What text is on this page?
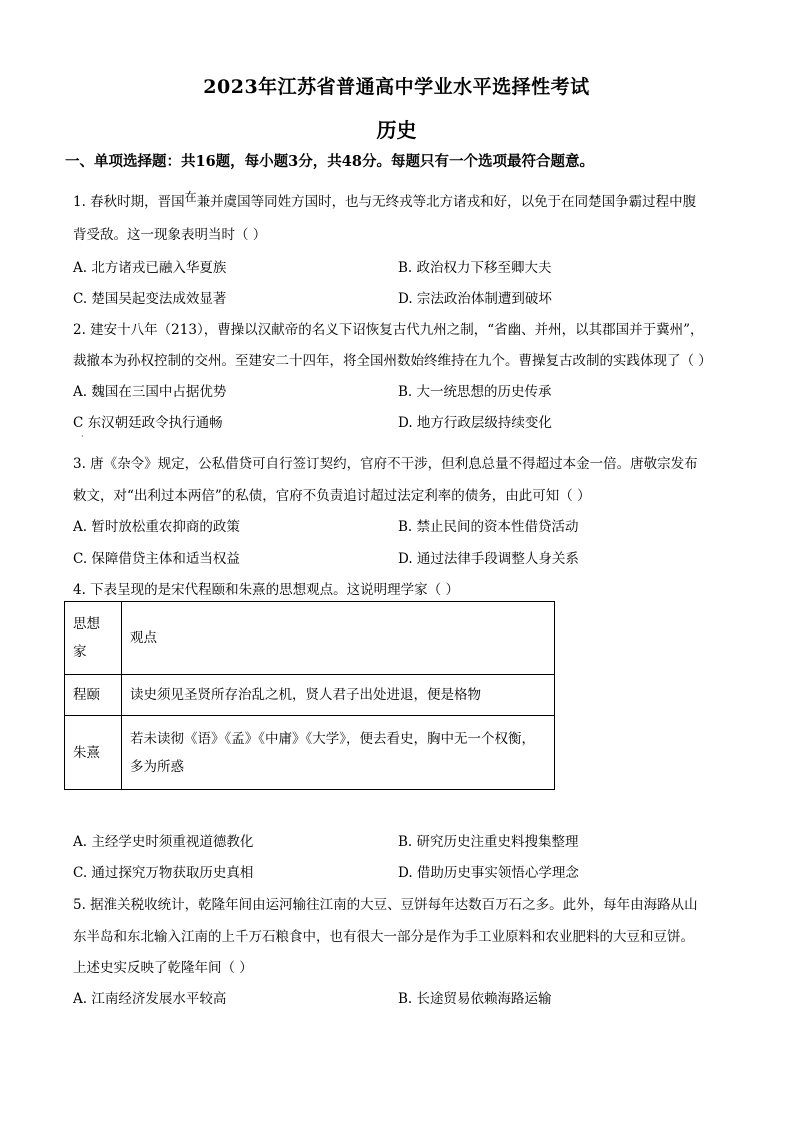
2023年江苏省普通高中学业水平选择性考试
历史
一、单项选择题：共16题，每小题3分，共48分。每题只有一个选项最符合题意。
1. 春秋时期，晋国在兼并虞国等同姓方国时，也与无终戎等北方诸戎和好，以免于在同楚国争霸过程中腹
背受敌。这一现象表明当时（ ）
A. 北方诸戎已融入华夏族	B. 政治权力下移至卿大夫
C. 楚国吴起变法成效显著	D. 宗法政治体制遭到破坏
2. 建安十八年（213），曹操以汉献帝的名义下诏恢复古代九州之制，“省幽、并州，以其郡国并于冀州”，
裁撤本为孙权控制的交州。至建安二十四年，将全国州数始终维持在九个。曹操复古改制的实践体现了（ ）
A. 魏国在三国中占据优势	B. 大一统思想的历史传承
C 东汉朝廷政令执行通畅	D. 地方行政层级持续变化
·
3. 唐《杂令》规定，公私借贷可自行签订契约，官府不干涉，但利息总量不得超过本金一倍。唐敬宗发布
敕文，对“出利过本两倍”的私债，官府不负责追讨超过法定利率的债务，由此可知（ ）
A. 暂时放松重农抑商的政策	B. 禁止民间的资本性借贷活动
C. 保障借贷主体和适当权益	D. 通过法律手段调整人身关系
4. 下表呈现的是宋代程颐和朱熹的思想观点。这说明理学家（ ）
思想
家	观点
程颐	读史须见圣贤所存治乱之机，贤人君子出处进退，便是格物
朱熹	若未读彻《语》《孟》《中庸》《大学》，便去看史，胸中无一个权衡，
多为所惑
A. 主经学史时须重视道德教化	B. 研究历史注重史料搜集整理
C. 通过探究万物获取历史真相	D. 借助历史事实领悟心学理念
5. 据淮关税收统计，乾隆年间由运河输往江南的大豆、豆饼每年达数百万石之多。此外，每年由海路从山
东半岛和东北输入江南的上千万石粮食中，也有很大一部分是作为手工业原料和农业肥料的大豆和豆饼。
上述史实反映了乾隆年间（ ）
A. 江南经济发展水平较高	B. 长途贸易依赖海路运输
